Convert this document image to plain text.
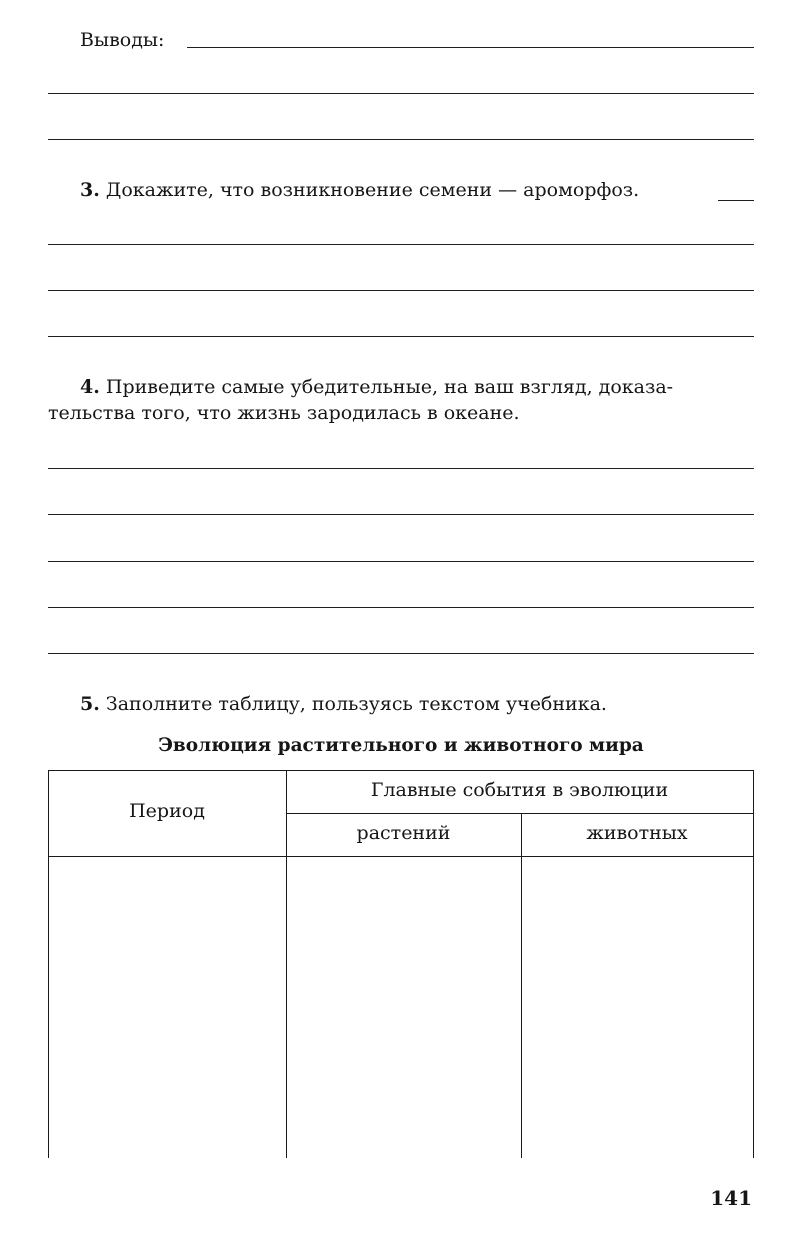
Выводы:
3. Докажите, что возникновение семени — ароморфоз.
4. Приведите самые убедительные, на ваш взгляд, доказа-
тельства того, что жизнь зародилась в океане.
5. Заполните таблицу, пользуясь текстом учебника.
Эволюция растительного и животного мира
Период
Главные события в эволюции
растений	животных
141
